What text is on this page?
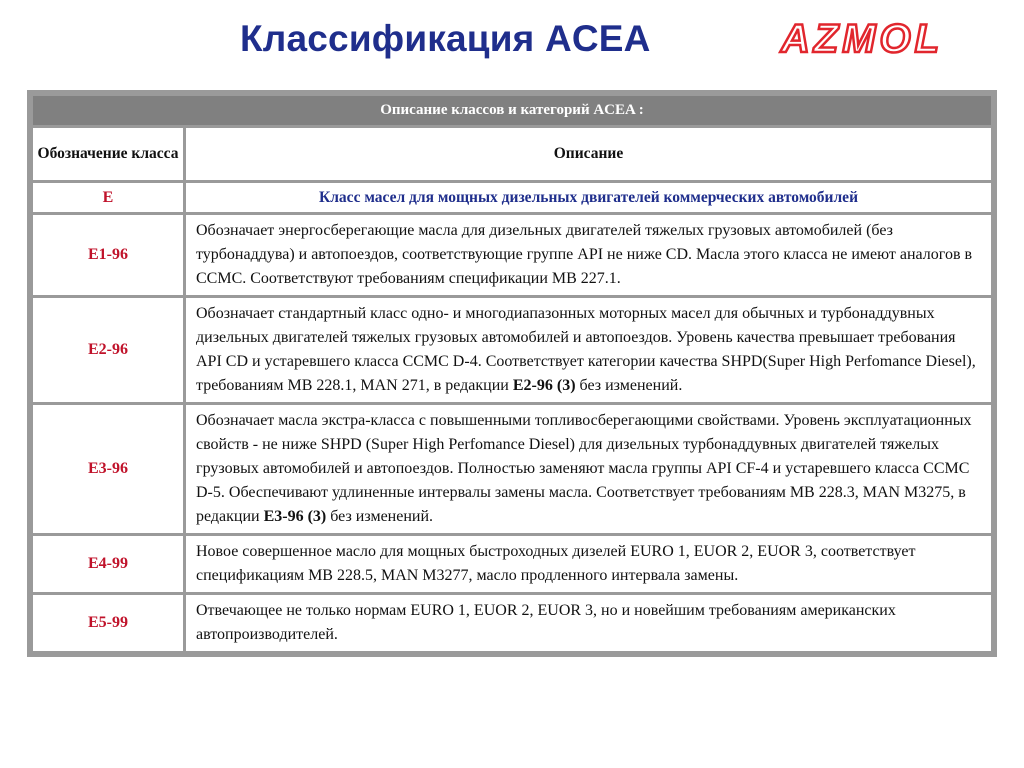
Классификация ACEA	AZMOL
Описание классов и категорий ACEA :	
Обозначение класса	Описание
E	Класс масел для мощных дизельных двигателей коммерческих автомобилей
E1-96	Обозначает энергосберегающие масла для дизельных двигателей тяжелых грузовых автомобилей (без турбонаддува) и автопоездов, соответствующие группе API не ниже CD. Масла этого класса не имеют аналогов в CCMC. Соответствуют требованиям спецификации MB 227.1.
E2-96	Обозначает стандартный класс одно- и многодиапазонных моторных масел для обычных и турбонаддувных дизельных двигателей тяжелых грузовых автомобилей и автопоездов. Уровень качества превышает требования API CD и устаревшего класса CCMC D-4. Соответствует категории качества SHPD(Super High Perfomance Diesel), требованиям MB 228.1, MAN 271, в редакции E2-96 (3) без изменений.
E3-96	Обозначает масла экстра-класса с повышенными топливосберегающими свойствами. Уровень эксплуатационных свойств - не ниже SHPD (Super High Perfomance Diesel) для дизельных турбонаддувных двигателей тяжелых грузовых автомобилей и автопоездов. Полностью заменяют масла группы API CF-4 и устаревшего класса CCMC D-5. Обеспечивают удлиненные интервалы замены масла. Соответствует требованиям MB 228.3, MAN M3275, в редакции E3-96 (3) без изменений.
E4-99	Новое совершенное масло для мощных быстроходных дизелей EURO 1, EUOR 2, EUOR 3, соответствует спецификациям MB 228.5, MAN M3277, масло продленного интервала замены.
E5-99	Отвечающее не только нормам EURO 1, EUOR 2, EUOR 3, но и новейшим требованиям американских автопроизводителей.
